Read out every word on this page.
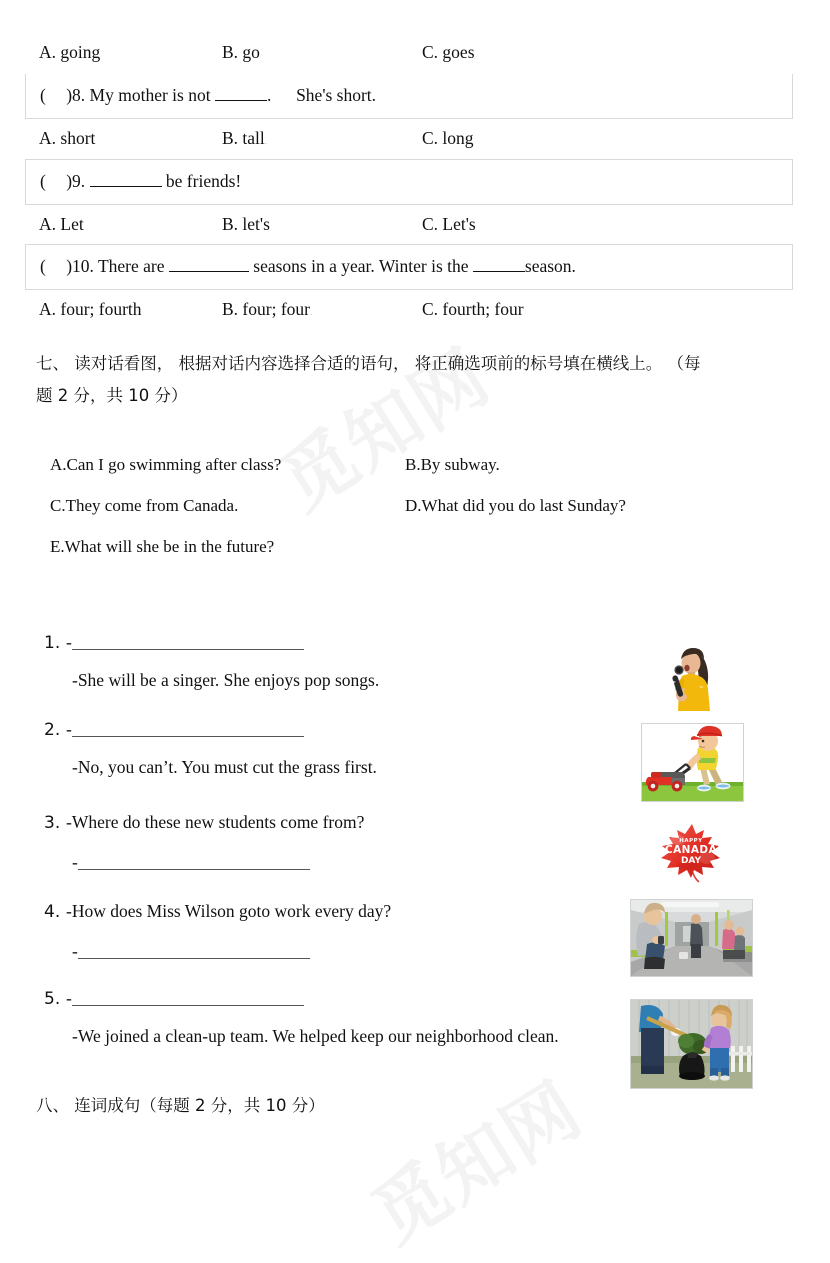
A. going	B. go	C. goes
( )8. My mother is not	. She's short.
A. short	B. tall.	C. long
( )9.	be friends!
A. Let	B. let's	C. Let's
( )10. There are	seasons in a year. Winter is the	season.
A. four; fourth	B. four; four.	C. fourth; four
七、 读对话看图， 根据对话内容选择合适的语句， 将正确选项前的标号填在横线上。 （每
题 2 分，共 10 分）
A.Can I go swimming after class?	B.By subway.
C.They come from Canada.	D.What did you do last Sunday?
E.What will she be in the future?
1. -
-She will be a singer. She enjoys pop songs.
2. -
-No, you can’t. You must cut the grass first.
3. -Where do these new students come from?
-
4. -How does Miss Wilson goto work every day?
-
5. -
-We joined a clean-up team. We helped keep our neighborhood clean.
HAPPY
CANADA
DAY
八、 连词成句（每题 2 分，共 10 分）
